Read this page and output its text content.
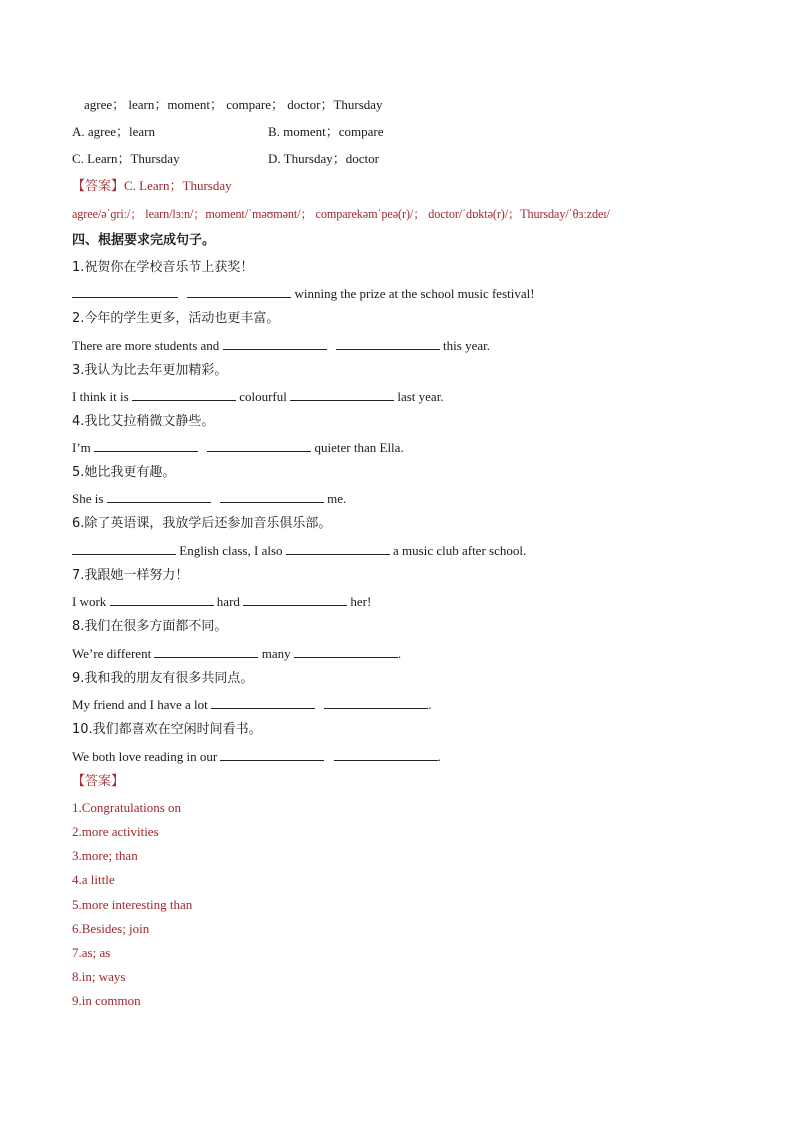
agree； learn；moment； compare； doctor；Thursday
A. agree；learn	B. moment；compare
C. Learn；Thursday	D. Thursday；doctor
【答案】C. Learn；Thursday
agree/əˈɡriː/； learn/lɜːn/；moment/ˈməʊmənt/； comparekəmˈpeə(r)/； doctor/ˈdɒktə(r)/；Thursday/ˈθɜːzdeɪ/
四、根据要求完成句子。
1.祝贺你在学校音乐节上获奖！
winning the prize at the school music festival!
2.今年的学生更多，活动也更丰富。
There are more students and	this year.
3.我认为比去年更加精彩。
I think it is	colourful	last year.
4.我比艾拉稍微文静些。
I’m	quieter than Ella.
5.她比我更有趣。
She is	me.
6.除了英语课，我放学后还参加音乐俱乐部。
English class, I also	a music club after school.
7.我跟她一样努力！
I work	hard	her!
8.我们在很多方面都不同。
We’re different	many	.
9.我和我的朋友有很多共同点。
My friend and I have a lot	.
10.我们都喜欢在空闲时间看书。
We both love reading in our	.
【答案】
1.Congratulations on
2.more activities
3.more; than
4.a little
5.more interesting than
6.Besides; join
7.as; as
8.in; ways
9.in common
